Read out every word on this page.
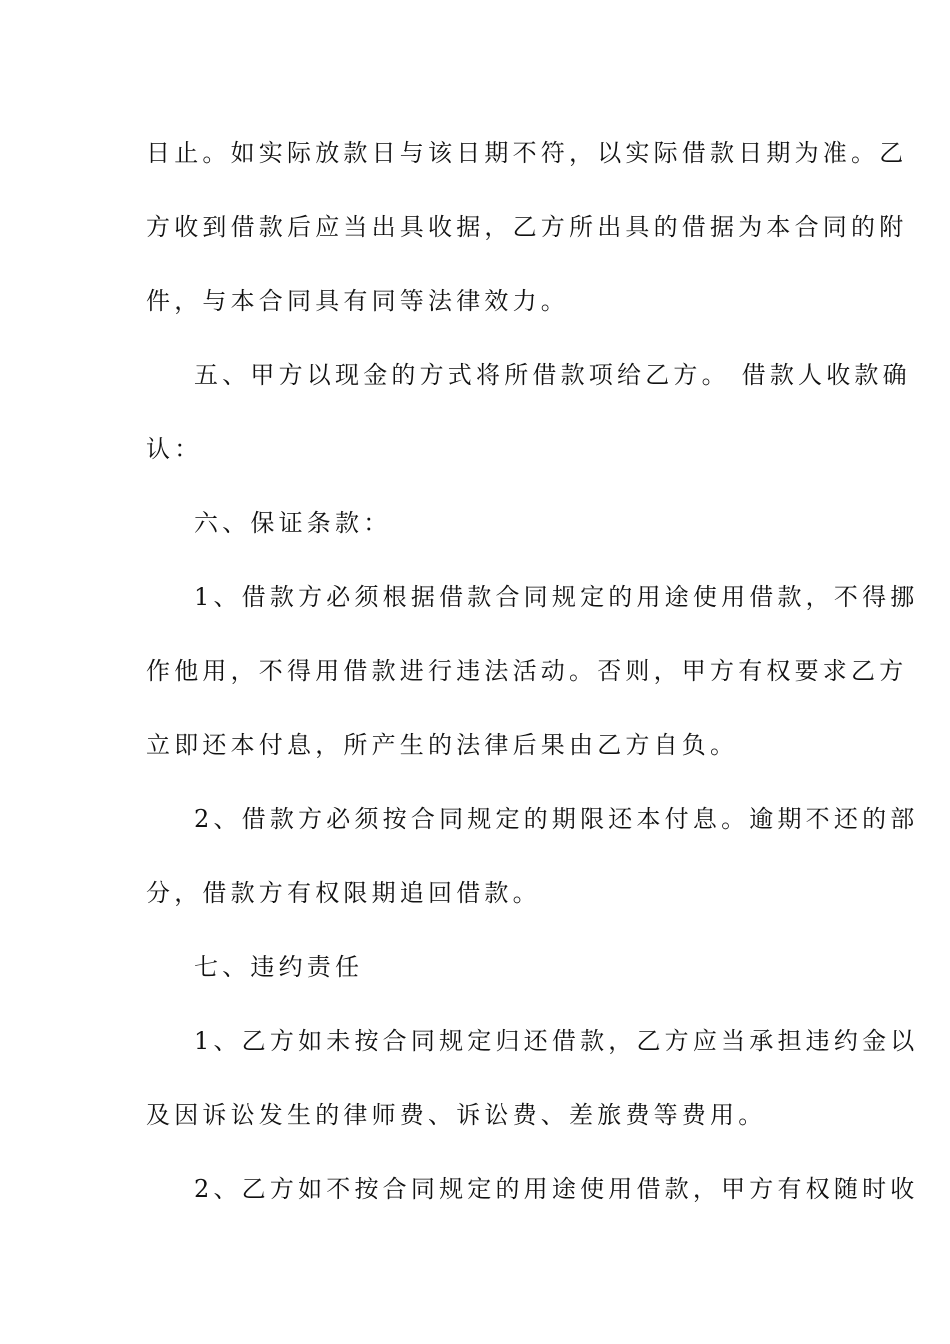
日止。如实际放款日与该日期不符，以实际借款日期为准。乙
方收到借款后应当出具收据，乙方所出具的借据为本合同的附
件，与本合同具有同等法律效力。
五、甲方以现金的方式将所借款项给乙方。 借款人收款确
认：
六、保证条款：
1、借款方必须根据借款合同规定的用途使用借款，不得挪
作他用，不得用借款进行违法活动。否则，甲方有权要求乙方
立即还本付息，所产生的法律后果由乙方自负。
2、借款方必须按合同规定的期限还本付息。逾期不还的部
分，借款方有权限期追回借款。
七、违约责任
1、乙方如未按合同规定归还借款，乙方应当承担违约金以
及因诉讼发生的律师费、诉讼费、差旅费等费用。
2、乙方如不按合同规定的用途使用借款，甲方有权随时收
